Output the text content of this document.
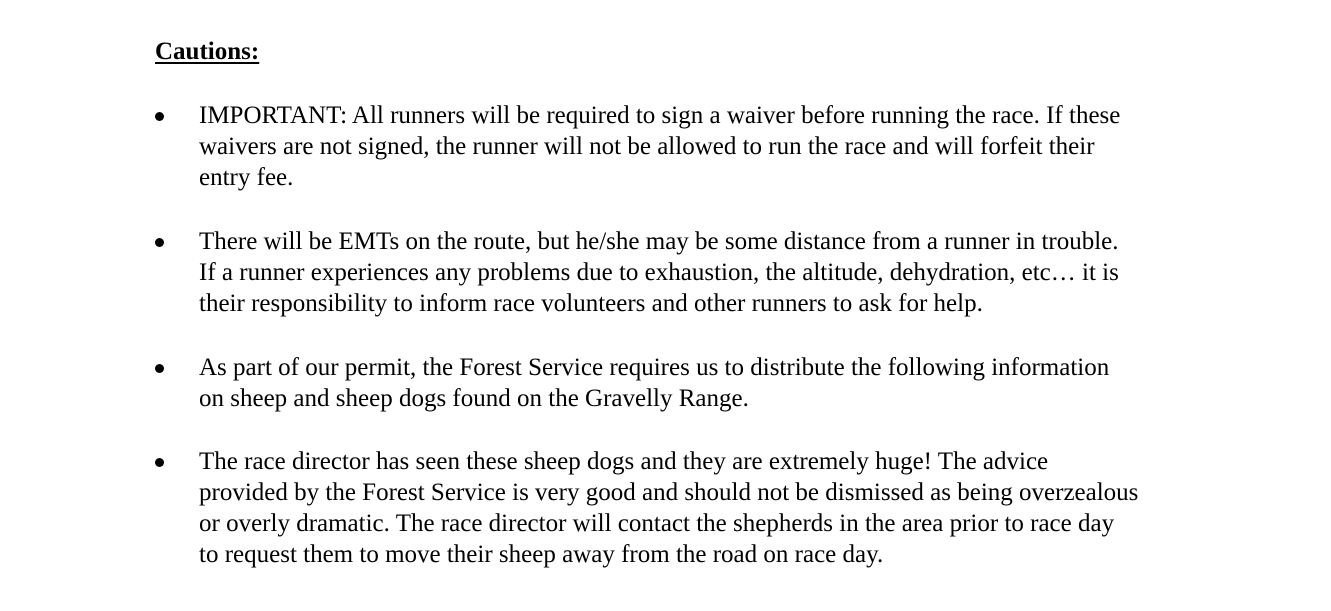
Cautions:
IMPORTANT: All runners will be required to sign a waiver before running the race. If these
waivers are not signed, the runner will not be allowed to run the race and will forfeit their
entry fee.
There will be EMTs on the route, but he/she may be some distance from a runner in trouble.
If a runner experiences any problems due to exhaustion, the altitude, dehydration, etc… it is
their responsibility to inform race volunteers and other runners to ask for help.
As part of our permit, the Forest Service requires us to distribute the following information
on sheep and sheep dogs found on the Gravelly Range.
The race director has seen these sheep dogs and they are extremely huge! The advice
provided by the Forest Service is very good and should not be dismissed as being overzealous
or overly dramatic. The race director will contact the shepherds in the area prior to race day
to request them to move their sheep away from the road on race day.
